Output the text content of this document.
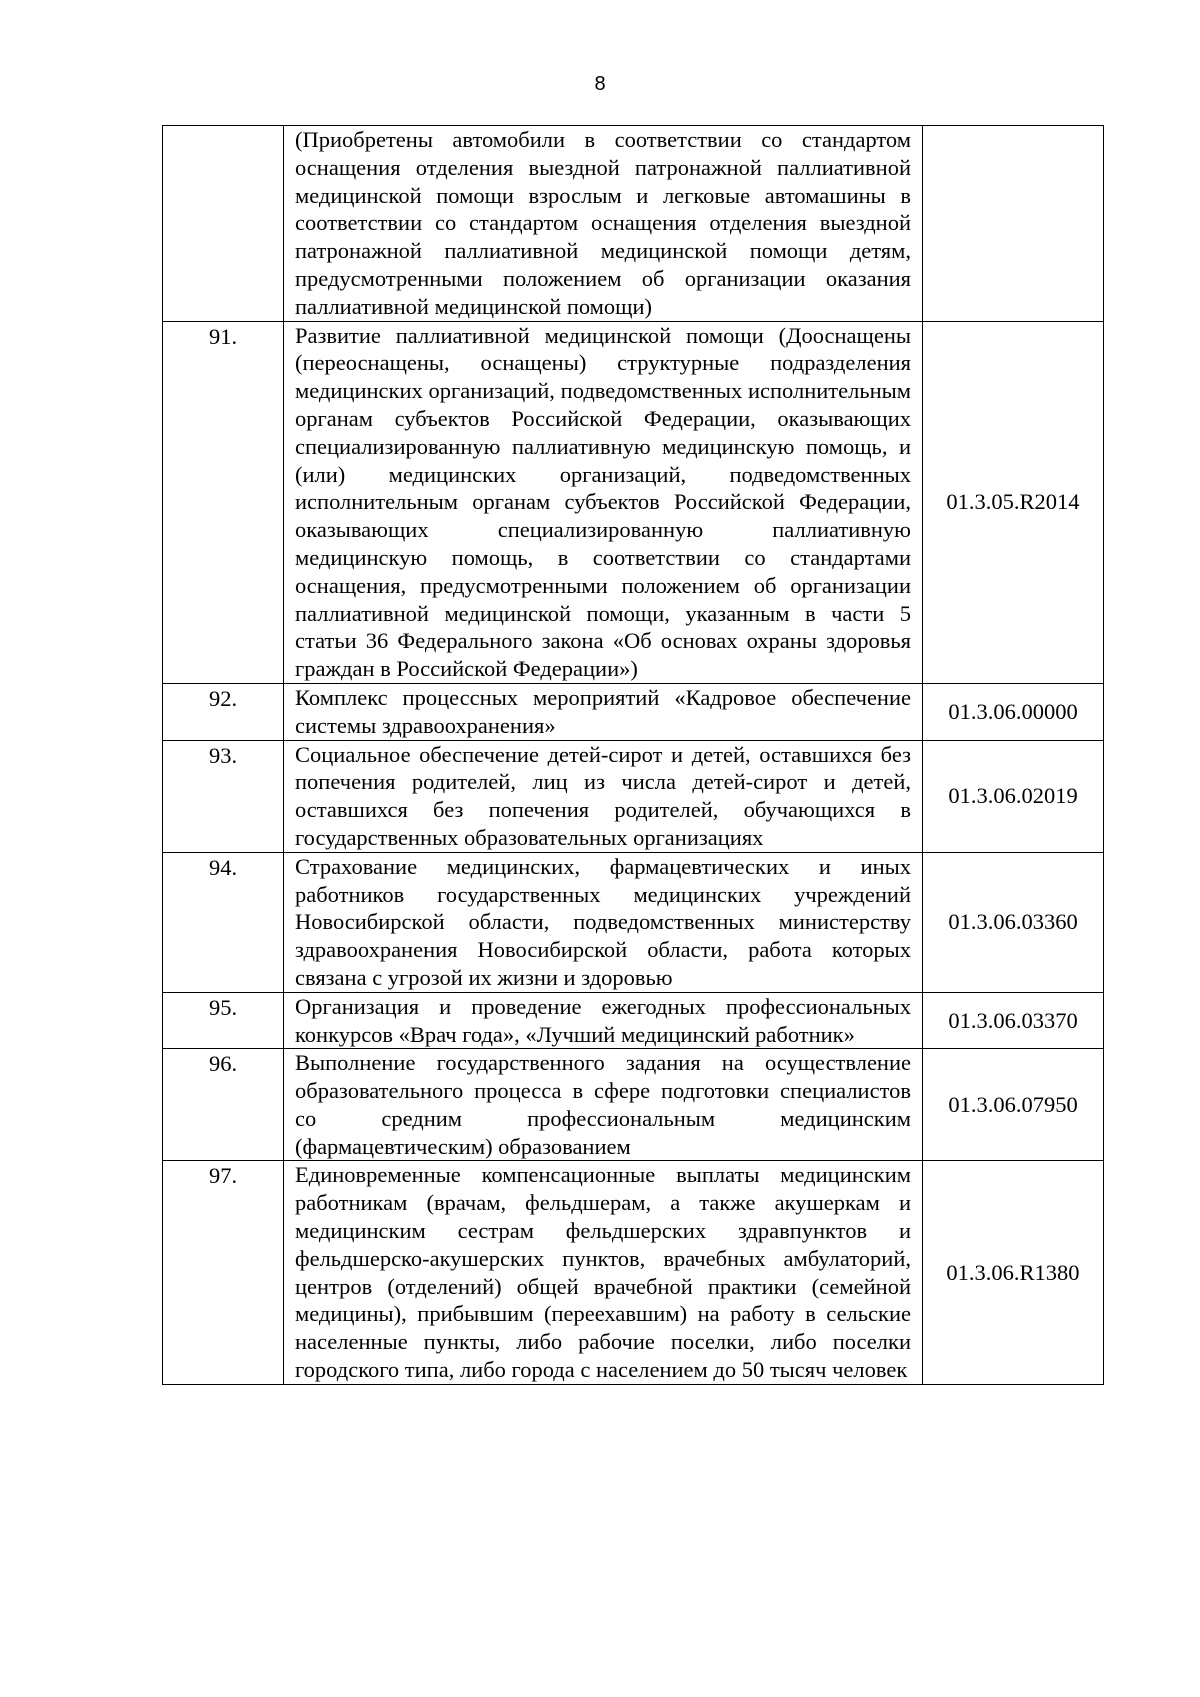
8
	(Приобретены автомобили в соответствии со стандартом оснащения отделения выездной патронажной паллиативной медицинской помощи взрослым и легковые автомашины в соответствии со стандартом оснащения отделения выездной патронажной паллиативной медицинской помощи детям, предусмотренными положением об организации оказания паллиативной медицинской помощи)	
91.	Развитие паллиативной медицинской помощи (Дооснащены (переоснащены, оснащены) структурные подразделения медицинских организаций, подведомственных исполнительным органам субъектов Российской Федерации, оказывающих специализированную паллиативную медицинскую помощь, и (или) медицинских организаций, подведомственных исполнительным органам субъектов Российской Федерации, оказывающих специализированную паллиативную медицинскую помощь, в соответствии со стандартами оснащения, предусмотренными положением об организации паллиативной медицинской помощи, указанным в части 5 статьи 36 Федерального закона «Об основах охраны здоровья граждан в Российской Федерации»)	01.3.05.R2014
92.	Комплекс процессных мероприятий «Кадровое обеспечение системы здравоохранения»	01.3.06.00000
93.	Социальное обеспечение детей-сирот и детей, оставшихся без попечения родителей, лиц из числа детей-сирот и детей, оставшихся без попечения родителей, обучающихся в государственных образовательных организациях	01.3.06.02019
94.	Страхование медицинских, фармацевтических и иных работников государственных медицинских учреждений Новосибирской области, подведомственных министерству здравоохранения Новосибирской области, работа которых связана с угрозой их жизни и здоровью	01.3.06.03360
95.	Организация и проведение ежегодных профессиональных конкурсов «Врач года», «Лучший медицинский работник»	01.3.06.03370
96.	Выполнение государственного задания на осуществление образовательного процесса в сфере подготовки специалистов со средним профессиональным медицинским (фармацевтическим) образованием	01.3.06.07950
97.	Единовременные компенсационные выплаты медицинским работникам (врачам, фельдшерам, а также акушеркам и медицинским сестрам фельдшерских здравпунктов и фельдшерско-акушерских пунктов, врачебных амбулаторий, центров (отделений) общей врачебной практики (семейной медицины), прибывшим (переехавшим) на работу в сельские населенные пункты, либо рабочие поселки, либо поселки городского типа, либо города с населением до 50 тысяч человек	01.3.06.R1380
